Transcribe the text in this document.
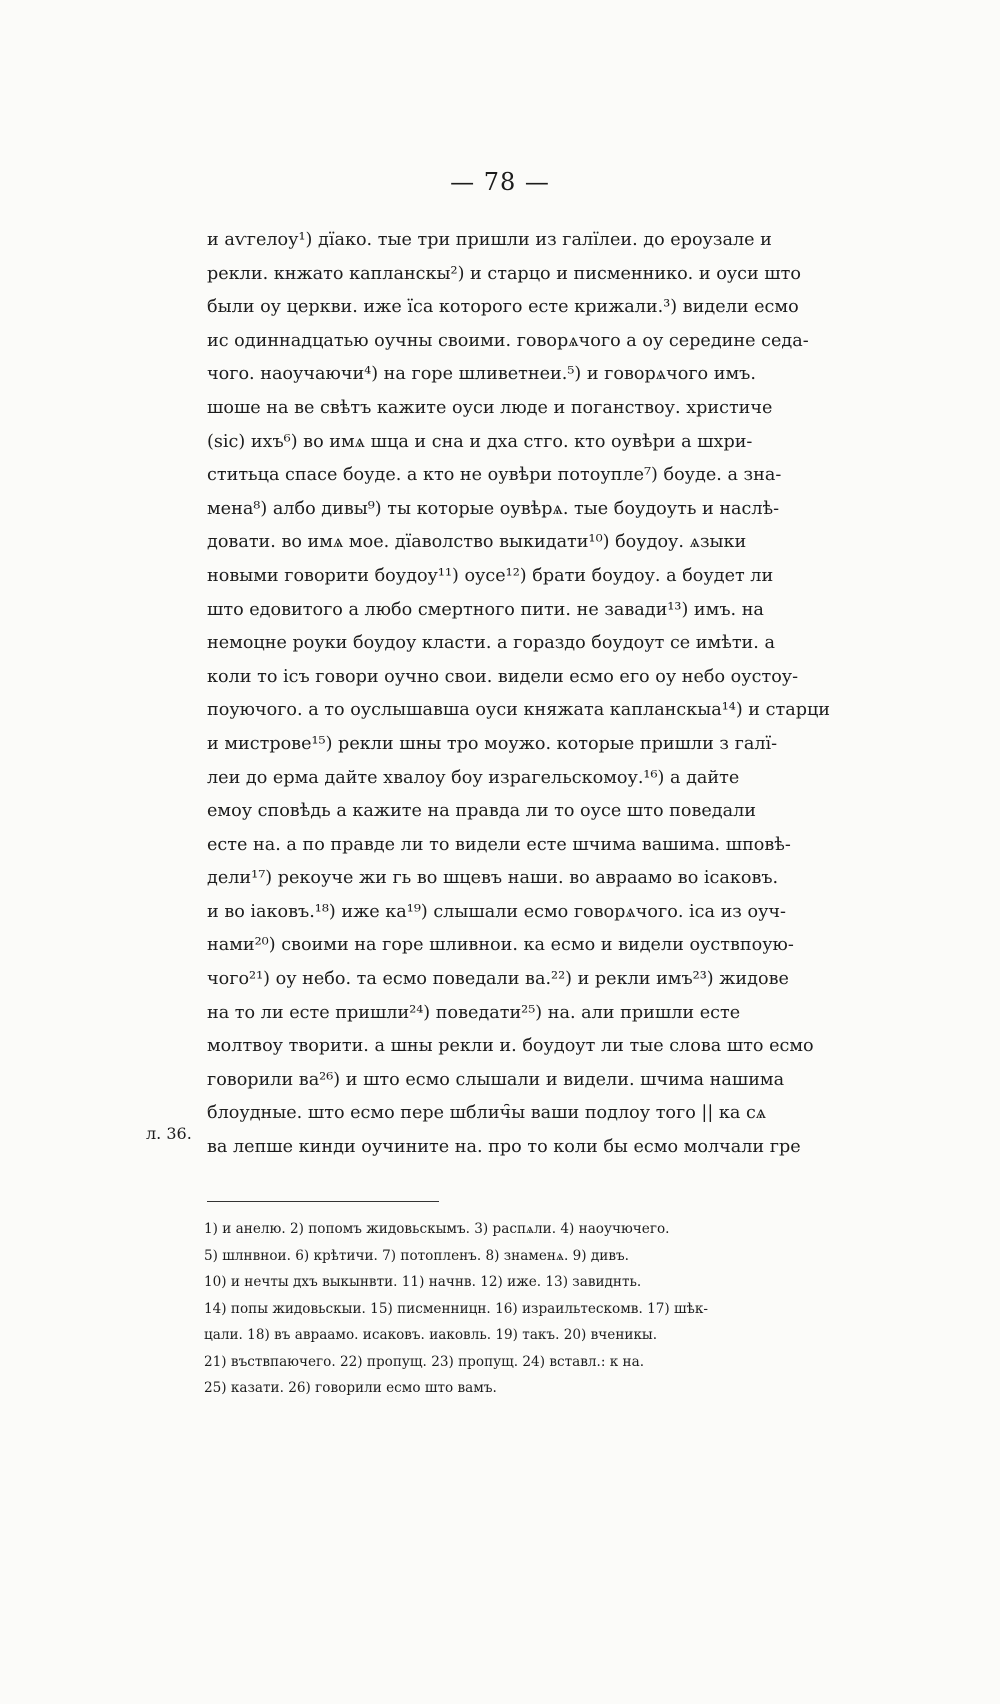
— 78 —
и аѵгелоу¹) дїако. тые три пришли из галїлеи. до ероузале и
рекли. кнжато капланскы²) и старцо и писменнико. и оуси што
были оу церкви. иже їса которого есте крижали.³) видели есмо
ис одиннадцатью оучны своими. говорѧчого а оу середине седа-
чого. наоучаючи⁴) на горе шливетнеи.⁵) и говорѧчого имъ.
шоше на ве свѣтъ кажите оуси люде и поганствоу. христиче
(sic) ихъ⁶) во имѧ шца и сна и дха стго. кто оувѣри а шхри-
ститьца спасе боуде. а кто не оувѣри потоупле⁷) боуде. а зна-
мена⁸) албо дивы⁹) ты которые оувѣрѧ. тые боудоуть и наслѣ-
довати. во имѧ мое. дїаволство выкидати¹⁰) боудоу. ѧзыки
новыми говорити боудоу¹¹) оусе¹²) брати боудоу. а боудет ли
што едовитого а любо смертного пити. не завади¹³) имъ. на
немоцне роуки боудоу класти. а гораздо боудоут се имѣти. а
коли то ісъ говори оучно свои. видели есмо его оу небо оустоу-
поуючого. а то оуслышавша оуси княжата капланскыа¹⁴) и старци
и мистрове¹⁵) рекли шны тро моужо. которые пришли з галї-
леи до ерма дайте хвалоу боу израгельскомоу.¹⁶) а дайте
емоу сповѣдь а кажите на правда ли то оусе што поведали
есте на. а по правде ли то видели есте шчима вашима. шповѣ-
дели¹⁷) рекоуче жи гь во шцевъ наши. во авраамо во ісаковъ.
и во іаковъ.¹⁸) иже ка¹⁹) слышали есмо говорѧчого. іса из оуч-
нами²⁰) своими на горе шливнои. ка есмо и видели оуствпоую-
чого²¹) оу небо. та есмо поведали ва.²²) и рекли имъ²³) жидове
на то ли есте пришли²⁴) поведати²⁵) на. али пришли есте
молтвоу творити. а шны рекли и. боудоут ли тые слова што есмо
говорили ва²⁶) и што есмо слышали и видели. шчима нашима
блоудные. што есмо пере шблич̑ы ваши подлоу того || ка сѧ
ва лепше кинди оучините на. про то коли бы есмо молчали гре
л. 36.
1) и анелю. 2) попомъ жидовьскымъ. 3) распѧли. 4) наоучючего.
5) шлнвнои. 6) крѣтичи. 7) потопленъ. 8) знаменѧ. 9) дивъ.
10) и нечты дхъ выкынвти. 11) начнв. 12) иже. 13) завиднть.
14) попы жидовьскыи. 15) писменницн. 16) израильтескомв. 17) шѣк-
цали. 18) въ авраамо. исаковъ. иаковль. 19) такъ. 20) вченикы.
21) въствпаючего. 22) пропущ. 23) пропущ. 24) вставл.: к на.
25) казати. 26) говорили есмо што вамъ.
